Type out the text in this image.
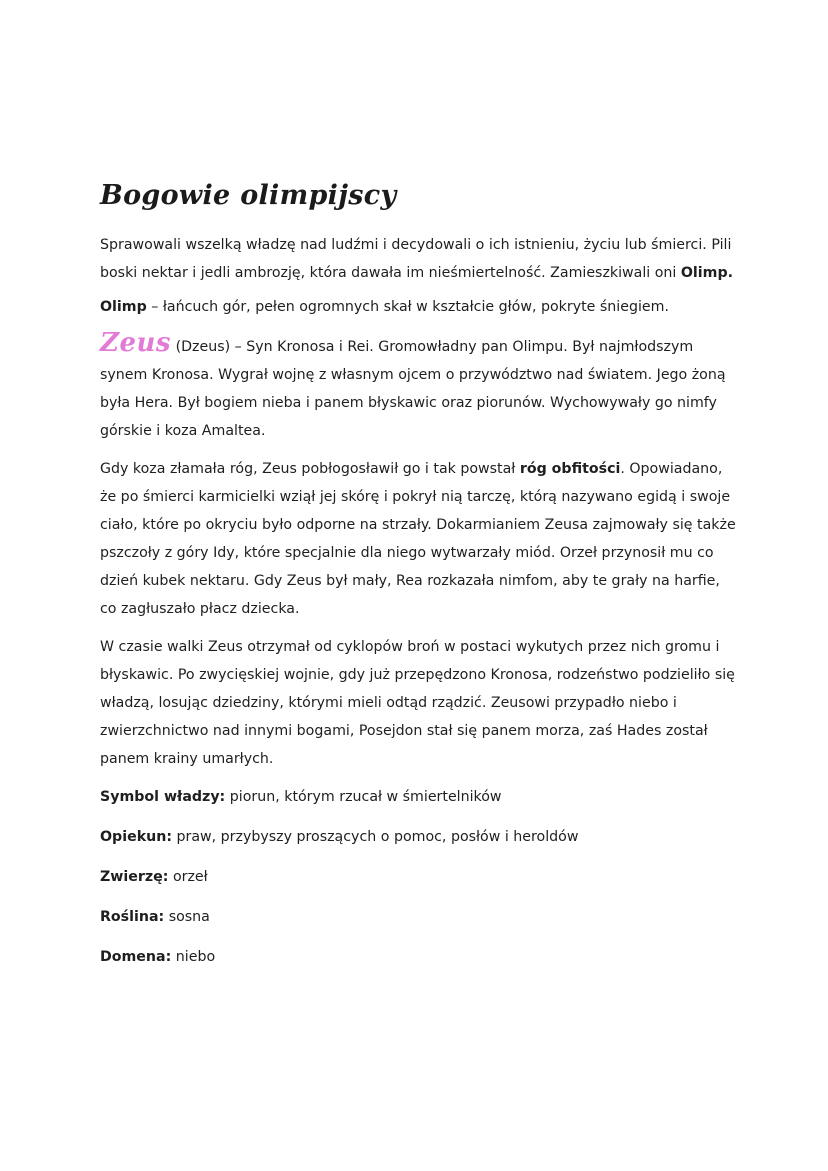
Bogowie olimpijscy

Sprawowali wszelką władzę nad ludźmi i decydowali o ich istnieniu, życiu lub śmierci. Pili boski nektar i jedli ambrozję, która dawała im nieśmiertelność. Zamieszkiwali oni Olimp.

Olimp – łańcuch gór, pełen ogromnych skał w kształcie głów, pokryte śniegiem.

Zeus (Dzeus) – Syn Kronosa i Rei. Gromowładny pan Olimpu. Był najmłodszym synem Kronosa. Wygrał wojnę z własnym ojcem o przywództwo nad światem. Jego żoną była Hera. Był bogiem nieba i panem błyskawic oraz piorunów. Wychowywały go nimfy górskie i koza Amaltea.

Gdy koza złamała róg, Zeus pobłogosławił go i tak powstał róg obfitości. Opowiadano, że po śmierci karmicielki wziął jej skórę i pokrył nią tarczę, którą nazywano egidą i swoje ciało, które po okryciu było odporne na strzały. Dokarmianiem Zeusa zajmowały się także pszczoły z góry Idy, które specjalnie dla niego wytwarzały miód. Orzeł przynosił mu co dzień kubek nektaru. Gdy Zeus był mały, Rea rozkazała nimfom, aby te grały na harfie, co zagłuszało płacz dziecka.

W czasie walki Zeus otrzymał od cyklopów broń w postaci wykutych przez nich gromu i błyskawic. Po zwycięskiej wojnie, gdy już przepędzono Kronosa, rodzeństwo podzieliło się władzą, losując dziedziny, którymi mieli odtąd rządzić. Zeusowi przypadło niebo i zwierzchnictwo nad innymi bogami, Posejdon stał się panem morza, zaś Hades został panem krainy umarłych.

Symbol władzy: piorun, którym rzucał w śmiertelników
Opiekun: praw, przybyszy proszących o pomoc, posłów i heroldów
Zwierzę: orzeł
Roślina: sosna
Domena: niebo
